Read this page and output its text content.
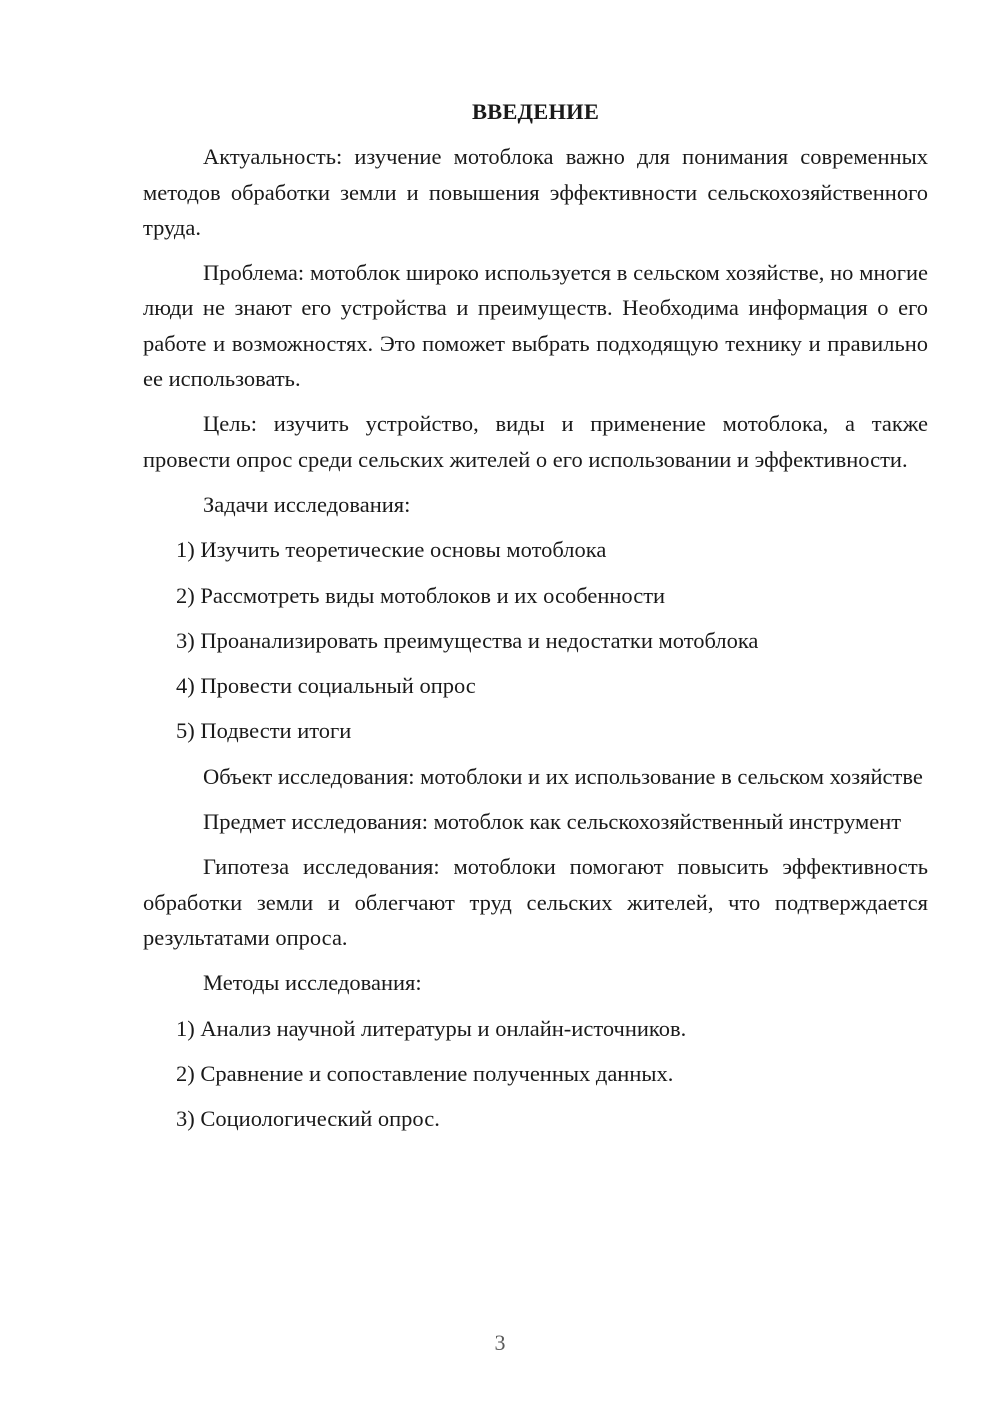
ВВЕДЕНИЕ

Актуальность: изучение мотоблока важно для понимания современных методов обработки земли и повышения эффективности сельскохозяйственного труда.

Проблема: мотоблок широко используется в сельском хозяйстве, но многие люди не знают его устройства и преимуществ. Необходима информация о его работе и возможностях. Это поможет выбрать подходящую технику и правильно ее использовать.

Цель: изучить устройство, виды и применение мотоблока, а также провести опрос среди сельских жителей о его использовании и эффективности.

Задачи исследования:

1) Изучить теоретические основы мотоблока

2) Рассмотреть виды мотоблоков и их особенности

3) Проанализировать преимущества и недостатки мотоблока

4) Провести социальный опрос

5) Подвести итоги

Объект исследования: мотоблоки и их использование в сельском хозяйстве

Предмет исследования: мотоблок как сельскохозяйственный инструмент

Гипотеза исследования: мотоблоки помогают повысить эффективность обработки земли и облегчают труд сельских жителей, что подтверждается результатами опроса.

Методы исследования:

1) Анализ научной литературы и онлайн-источников.

2) Сравнение и сопоставление полученных данных.

3) Социологический опрос.

3
